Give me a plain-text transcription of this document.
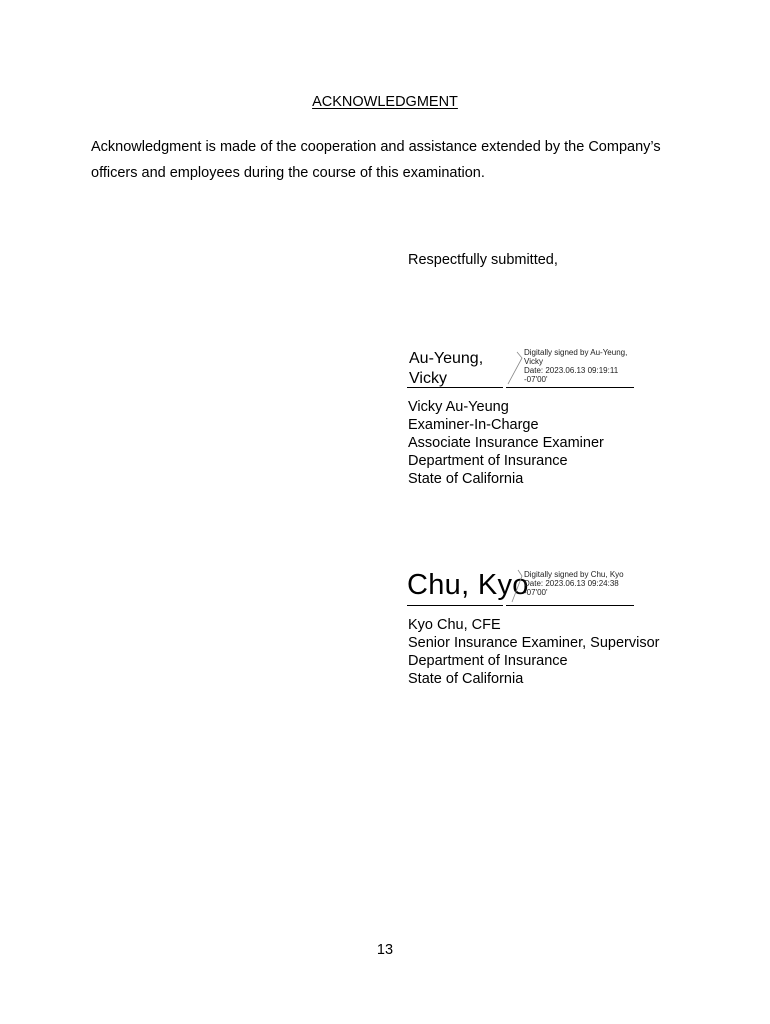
ACKNOWLEDGMENT
Acknowledgment is made of the cooperation and assistance extended by the Company’s officers and employees during the course of this examination.
Respectfully submitted,
Au-Yeung,
Vicky
Digitally signed by Au-Yeung,
Vicky
Date: 2023.06.13 09:19:11
-07'00'
Vicky Au-Yeung
Examiner-In-Charge
Associate Insurance Examiner
Department of Insurance
State of California
Chu, Kyo
Digitally signed by Chu, Kyo
Date: 2023.06.13 09:24:38
-07'00'
Kyo Chu, CFE
Senior Insurance Examiner, Supervisor
Department of Insurance
State of California
13
